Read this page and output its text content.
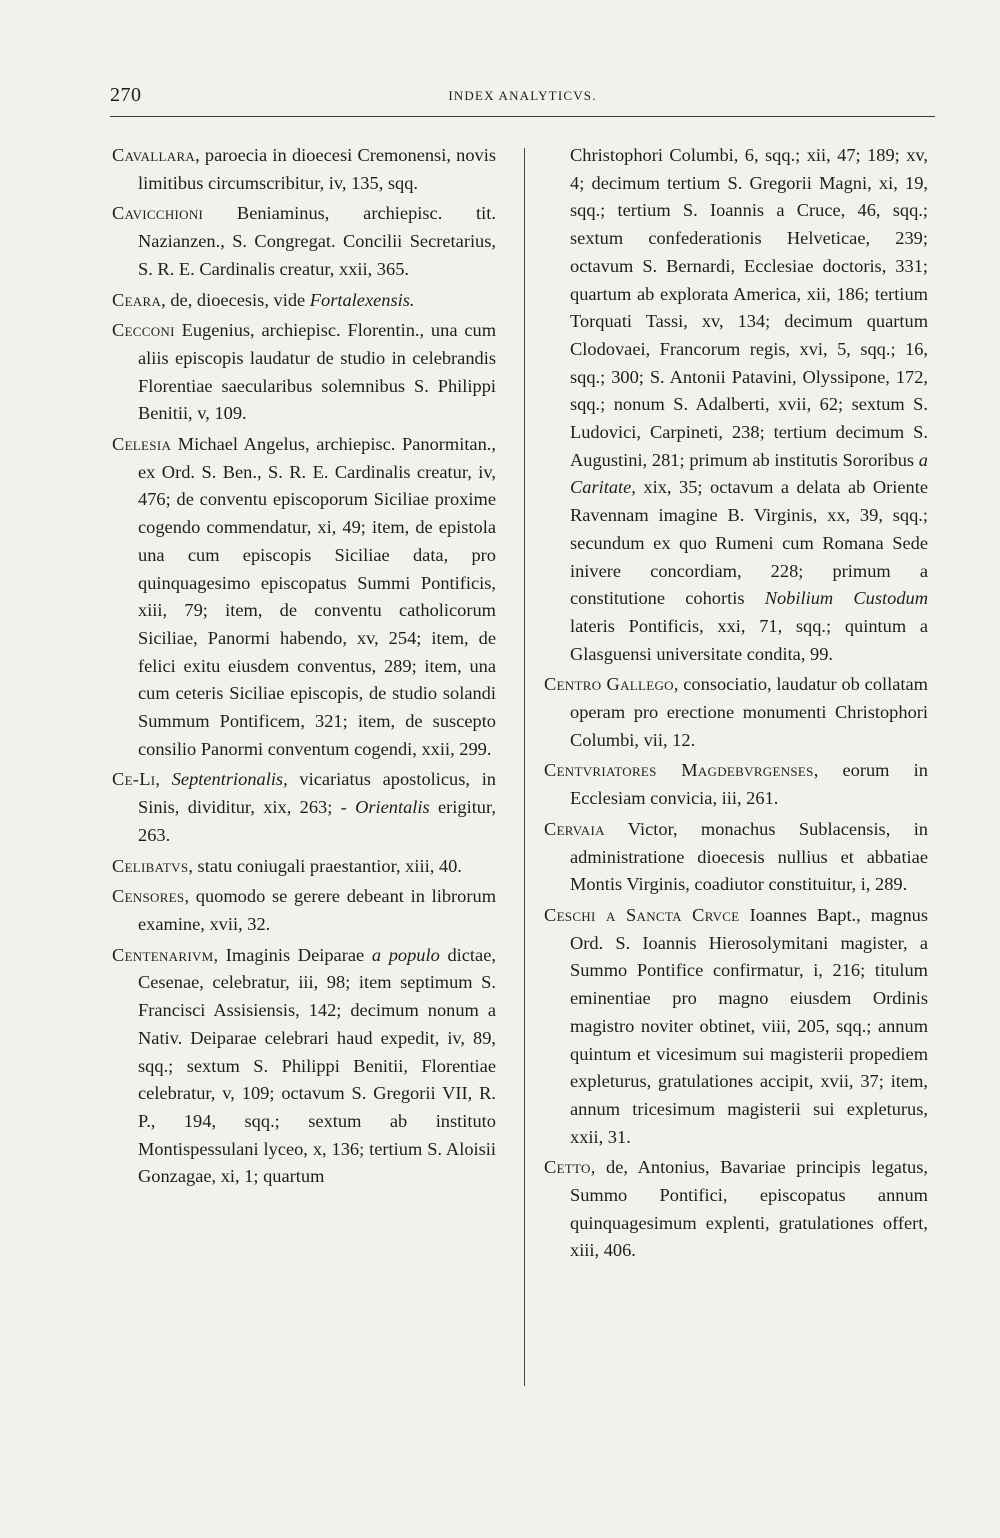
270	INDEX ANALYTICVS.

Cavallara, paroecia in dioecesi Cremonensi, novis limitibus circumscribitur, iv, 135, sqq.

Cavicchioni Beniaminus, archiepisc. tit. Nazianzen., S. Congregat. Concilii Secretarius, S. R. E. Cardinalis creatur, xxii, 365.

Ceara, de, dioecesis, vide Fortalexensis.

Cecconi Eugenius, archiepisc. Florentin., una cum aliis episcopis laudatur de studio in celebrandis Florentiae saecularibus solemnibus S. Philippi Benitii, v, 109.

Celesia Michael Angelus, archiepisc. Panormitan., ex Ord. S. Ben., S. R. E. Cardinalis creatur, iv, 476; de conventu episcoporum Siciliae proxime cogendo commendatur, xi, 49; item, de epistola una cum episcopis Siciliae data, pro quinquagesimo episcopatus Summi Pontificis, xiii, 79; item, de conventu catholicorum Siciliae, Panormi habendo, xv, 254; item, de felici exitu eiusdem conventus, 289; item, una cum ceteris Siciliae episcopis, de studio solandi Summum Pontificem, 321; item, de suscepto consilio Panormi conventum cogendi, xxii, 299.

Ce-Li, Septentrionalis, vicariatus apostolicus, in Sinis, dividitur, xix, 263; - Orientalis erigitur, 263.

Celibatvs, statu coniugali praestantior, xiii, 40.

Censores, quomodo se gerere debeant in librorum examine, xvii, 32.

Centenarivm, Imaginis Deiparae a populo dictae, Cesenae, celebratur, iii, 98; item septimum S. Francisci Assisiensis, 142; decimum nonum a Nativ. Deiparae celebrari haud expedit, iv, 89, sqq.; sextum S. Philippi Benitii, Florentiae celebratur, v, 109; octavum S. Gregorii VII, R. P., 194, sqq.; sextum ab instituto Montispessulani lyceo, x, 136; tertium S. Aloisii Gonzagae, xi, 1; quartum

Christophori Columbi, 6, sqq.; xii, 47; 189; xv, 4; decimum tertium S. Gregorii Magni, xi, 19, sqq.; tertium S. Ioannis a Cruce, 46, sqq.; sextum confederationis Helveticae, 239; octavum S. Bernardi, Ecclesiae doctoris, 331; quartum ab explorata America, xii, 186; tertium Torquati Tassi, xv, 134; decimum quartum Clodovaei, Francorum regis, xvi, 5, sqq.; 16, sqq.; 300; S. Antonii Patavini, Olyssipone, 172, sqq.; nonum S. Adalberti, xvii, 62; sextum S. Ludovici, Carpineti, 238; tertium decimum S. Augustini, 281; primum ab institutis Sororibus a Caritate, xix, 35; octavum a delata ab Oriente Ravennam imagine B. Virginis, xx, 39, sqq.; secundum ex quo Rumeni cum Romana Sede inivere concordiam, 228; primum a constitutione cohortis Nobilium Custodum lateris Pontificis, xxi, 71, sqq.; quintum a Glasguensi universitate condita, 99.

Centro Gallego, consociatio, laudatur ob collatam operam pro erectione monumenti Christophori Columbi, vii, 12.

Centvriatores Magdebvrgenses, eorum in Ecclesiam convicia, iii, 261.

Cervaia Victor, monachus Sublacensis, in administratione dioecesis nullius et abbatiae Montis Virginis, coadiutor constituitur, i, 289.

Ceschi a Sancta Crvce Ioannes Bapt., magnus Ord. S. Ioannis Hierosolymitani magister, a Summo Pontifice confirmatur, i, 216; titulum eminentiae pro magno eiusdem Ordinis magistro noviter obtinet, viii, 205, sqq.; annum quintum et vicesimum sui magisterii propediem expleturus, gratulationes accipit, xvii, 37; item, annum tricesimum magisterii sui expleturus, xxii, 31.

Cetto, de, Antonius, Bavariae principis legatus, Summo Pontifici, episcopatus annum quinquagesimum explenti, gratulationes offert, xiii, 406.
